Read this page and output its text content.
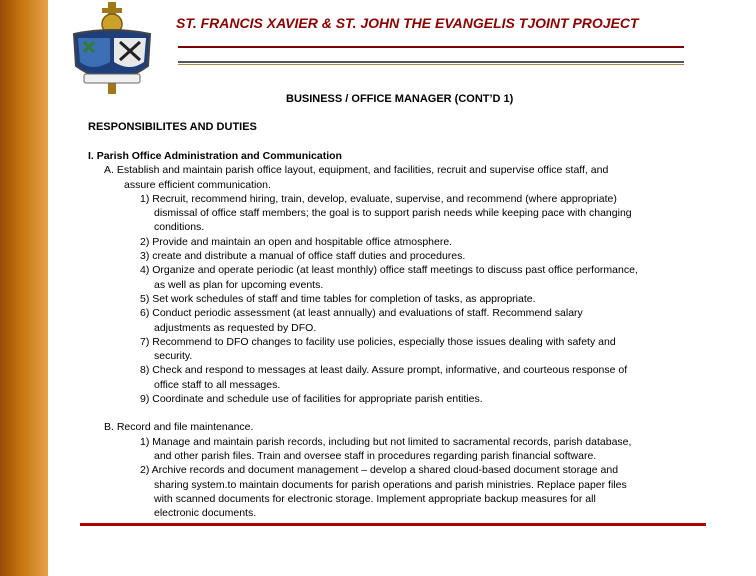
ST. FRANCIS XAVIER & ST. JOHN THE EVANGELIS TJOINT PROJECT
BUSINESS / OFFICE MANAGER (CONT’D 1)
RESPONSIBILITES AND DUTIES

I. Parish Office Administration and Communication

A. Establish and maintain parish office layout, equipment, and facilities, recruit and supervise office staff, and
assure efficient communication.

1) Recruit, recommend hiring, train, develop, evaluate, supervise, and recommend (where appropriate)
dismissal of office staff members; the goal is to support parish needs while keeping pace with changing
conditions.

2) Provide and maintain an open and hospitable office atmosphere.

3) create and distribute a manual of office staff duties and procedures.

4) Organize and operate periodic (at least monthly) office staff meetings to discuss past office performance,
as well as plan for upcoming events.

5) Set work schedules of staff and time tables for completion of tasks, as appropriate.

6) Conduct periodic assessment (at least annually) and evaluations of staff. Recommend salary
adjustments as requested by DFO.

7) Recommend to DFO changes to facility use policies, especially those issues dealing with safety and
security.

8) Check and respond to messages at least daily. Assure prompt, informative, and courteous response of
office staff to all messages.

9) Coordinate and schedule use of facilities for appropriate parish entities.

B. Record and file maintenance.

1) Manage and maintain parish records, including but not limited to sacramental records, parish database,
and other parish files. Train and oversee staff in procedures regarding parish financial software.

2) Archive records and document management – develop a shared cloud-based document storage and
sharing system.to maintain documents for parish operations and parish ministries. Replace paper files
with scanned documents for electronic storage. Implement appropriate backup measures for all
electronic documents.
